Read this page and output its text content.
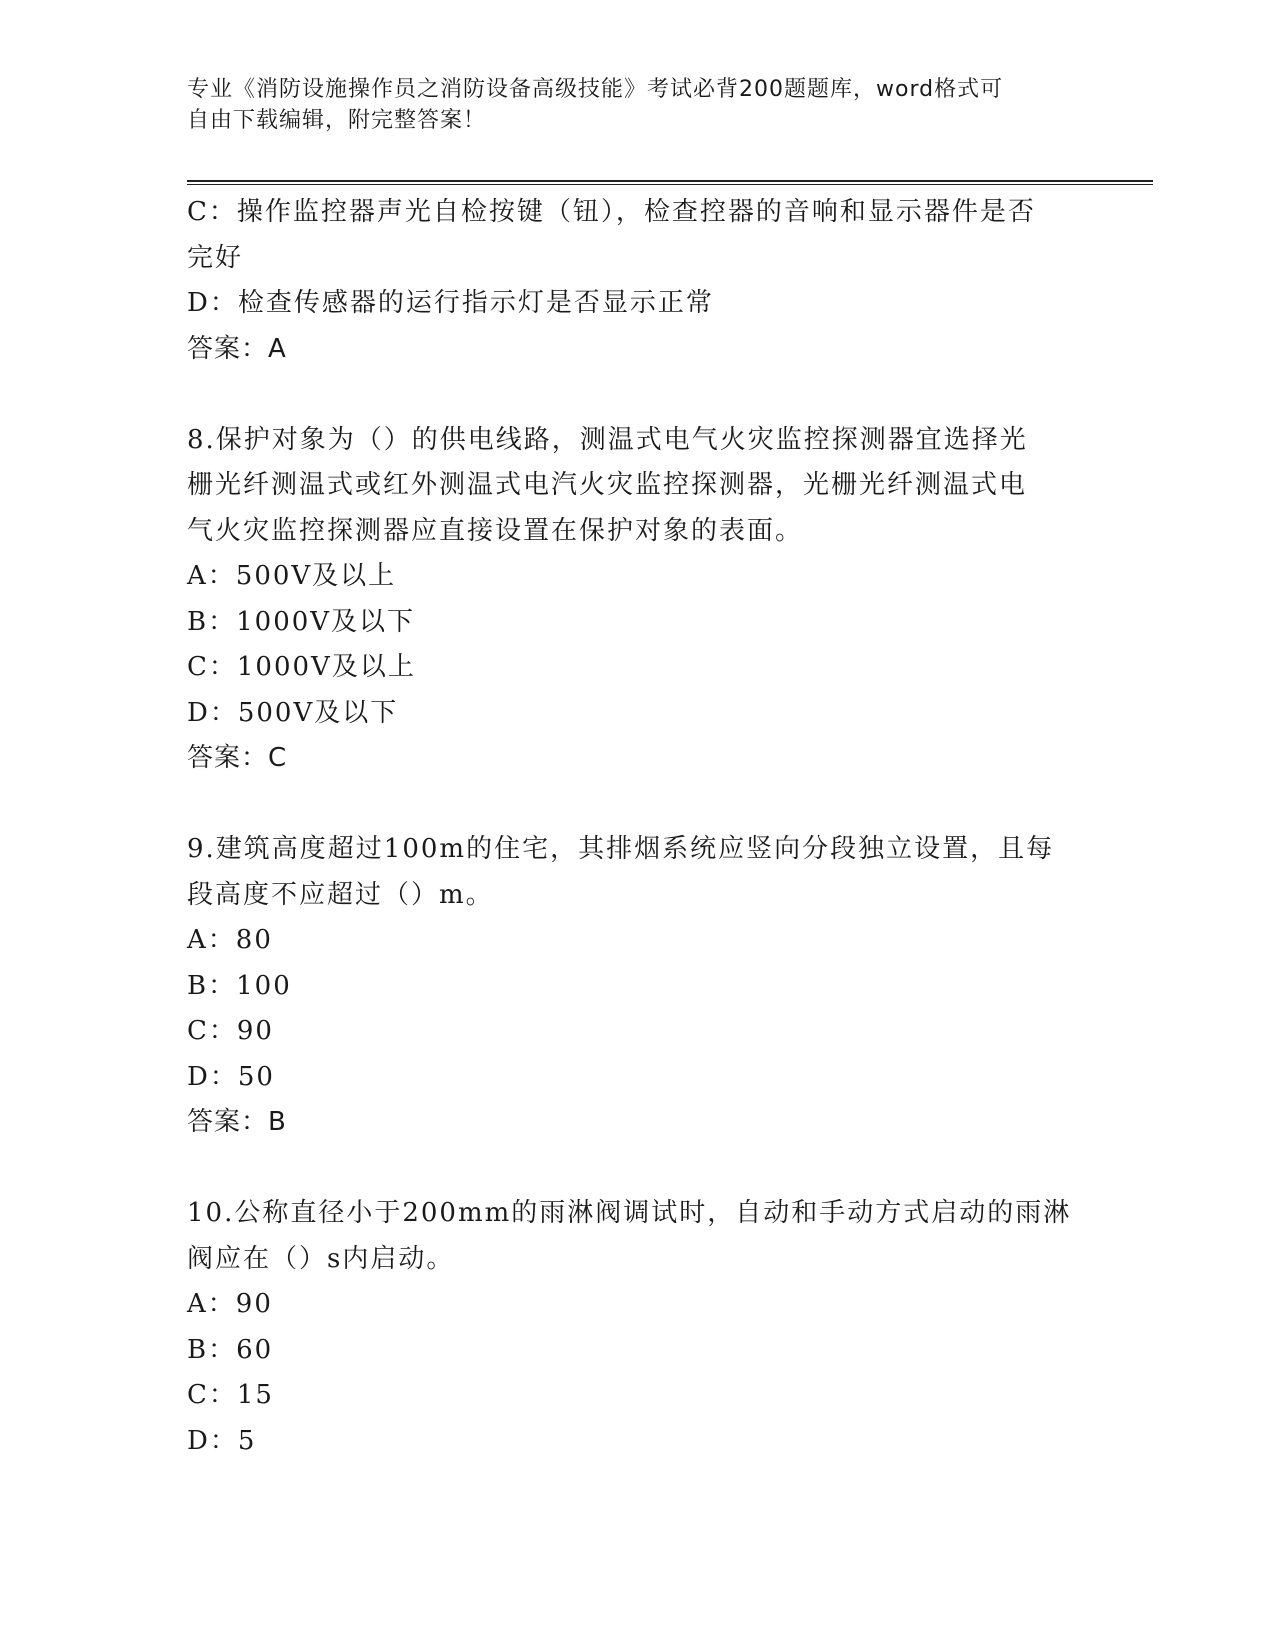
专业《消防设施操作员之消防设备高级技能》考试必背200题题库，word格式可
自由下载编辑，附完整答案！
C：操作监控器声光自检按键（钮），检查控器的音响和显示器件是否
完好
D：检查传感器的运行指示灯是否显示正常
答案：A
8.保护对象为（）的供电线路，测温式电气火灾监控探测器宜选择光
栅光纤测温式或红外测温式电汽火灾监控探测器，光栅光纤测温式电
气火灾监控探测器应直接设置在保护对象的表面。
A：500V及以上
B：1000V及以下
C：1000V及以上
D：500V及以下
答案：C
9.建筑高度超过100m的住宅，其排烟系统应竖向分段独立设置，且每
段高度不应超过（）m。
A：80
B：100
C：90
D：50
答案：B
10.公称直径小于200mm的雨淋阀调试时，自动和手动方式启动的雨淋
阀应在（）s内启动。
A：90
B：60
C：15
D：5
